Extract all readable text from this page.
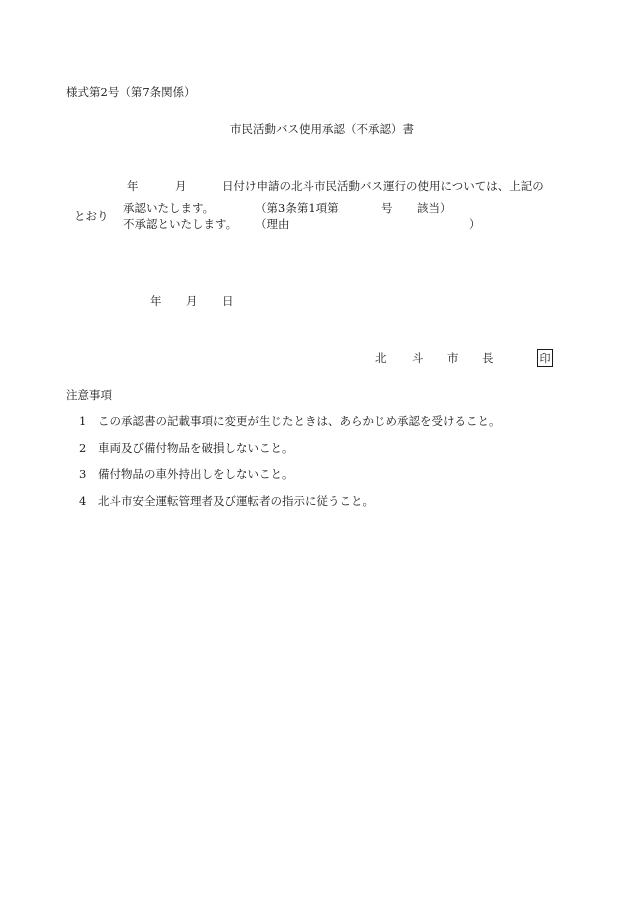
様式第2号（第7条関係）
市民活動バス使用承認（不承認）書
年	月	日付け申請の北斗市民活動バス運行の使用については、上記の
とおり
承認いたします。	（第3条第1項第	号 該当）
不承認といたします。 （理由	）
年 月 日
北 斗 市 長	印
注意事項
1 この承認書の記載事項に変更が生じたときは、あらかじめ承認を受けること。
2 車両及び備付物品を破損しないこと。
3 備付物品の車外持出しをしないこと。
4 北斗市安全運転管理者及び運転者の指示に従うこと。
